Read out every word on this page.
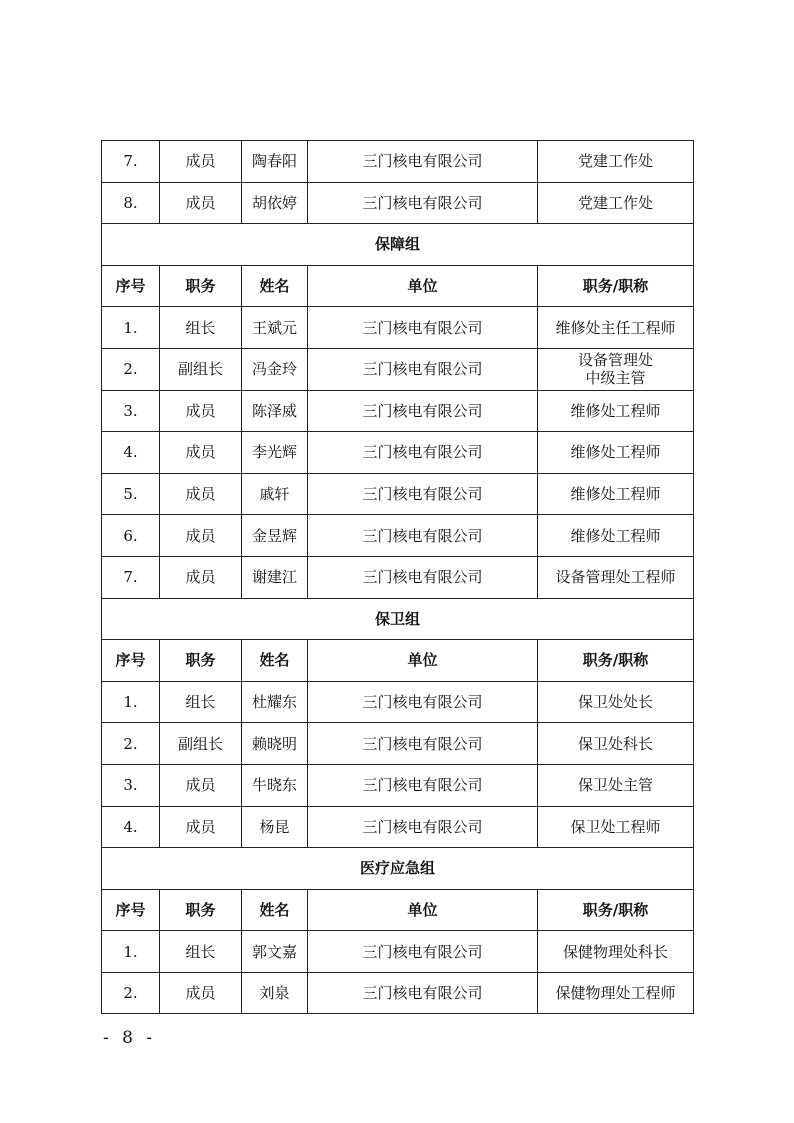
7.	成员	陶春阳	三门核电有限公司	党建工作处
8.	成员	胡依婷	三门核电有限公司	党建工作处
保障组				
序号	职务	姓名	单位	职务/职称
1.	组长	王斌元	三门核电有限公司	维修处主任工程师
2.	副组长	冯金玲	三门核电有限公司	设备管理处
中级主管

3.	成员	陈泽威	三门核电有限公司	维修处工程师
4.	成员	李光辉	三门核电有限公司	维修处工程师
5.	成员	戚轩	三门核电有限公司	维修处工程师
6.	成员	金昱辉	三门核电有限公司	维修处工程师
7.	成员	谢建江	三门核电有限公司	设备管理处工程师
保卫组				
序号	职务	姓名	单位	职务/职称
1.	组长	杜耀东	三门核电有限公司	保卫处处长
2.	副组长	赖晓明	三门核电有限公司	保卫处科长
3.	成员	牛晓东	三门核电有限公司	保卫处主管
4.	成员	杨昆	三门核电有限公司	保卫处工程师
医疗应急组				
序号	职务	姓名	单位	职务/职称
1.	组长	郭文嘉	三门核电有限公司	保健物理处科长
2.	成员	刘泉	三门核电有限公司	保健物理处工程师
- 8 -
